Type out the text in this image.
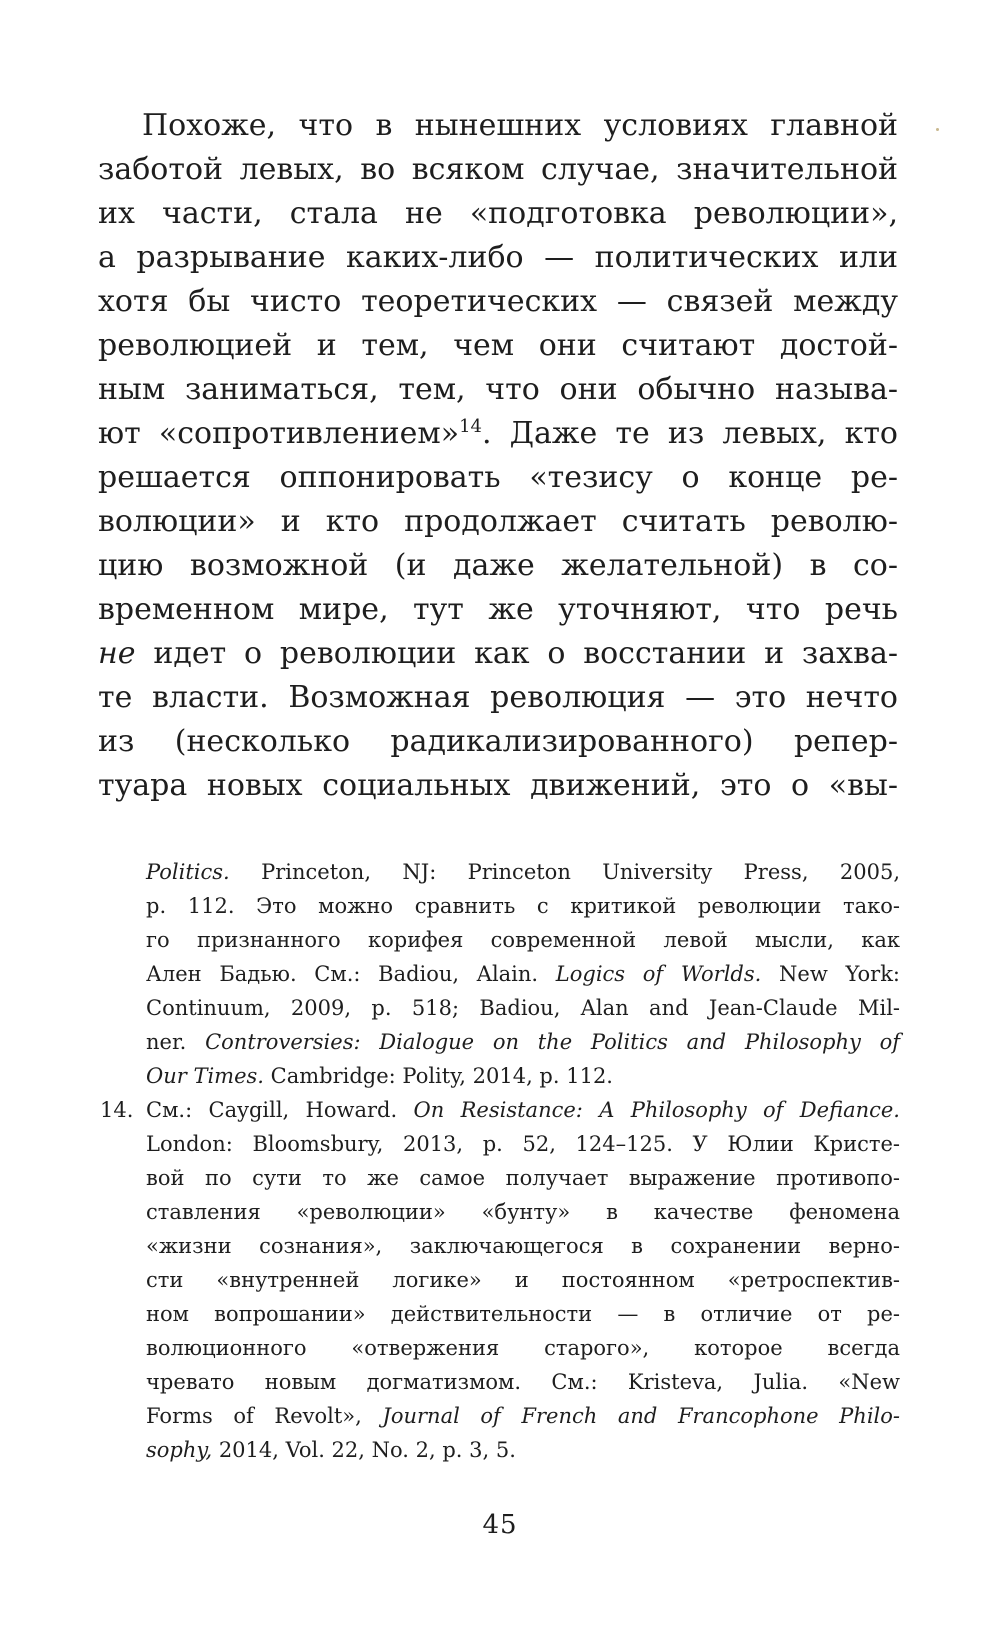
Похоже, что в нынешних условиях главной
заботой левых, во всяком случае, значительной
их части, стала не «подготовка революции»,
а разрывание каких-либо — политических или
хотя бы чисто теоретических — связей между
революцией и тем, чем они считают достой-
ным заниматься, тем, что они обычно называ-
ют «сопротивлением»$^{14}$. Даже те из левых, кто
решается оппонировать «тезису о конце ре-
волюции» и кто продолжает считать револю-
цию возможной (и даже желательной) в со-
временном мире, тут же уточняют, что речь
не идет о революции как о восстании и захва-
те власти. Возможная революция — это нечто
из (несколько радикализированного) репер-
туара новых социальных движений, это о «вы-
Politics. Princeton, NJ: Princeton University Press, 2005,
p. 112. Это можно сравнить с критикой революции тако-
го признанного корифея современной левой мысли, как
Ален Бадью. См.: Badiou, Alain. Logics of Worlds. New York:
Continuum, 2009, p. 518; Badiou, Alan and Jean-Claude Mil-
ner. Controversies: Dialogue on the Politics and Philosophy of
Our Times. Cambridge: Polity, 2014, p. 112.
14. См.: Caygill, Howard. On Resistance: A Philosophy of Defiance.
London: Bloomsbury, 2013, p. 52, 124–125. У Юлии Кристе-
вой по сути то же самое получает выражение противопо-
ставления «революции» «бунту» в качестве феномена
«жизни сознания», заключающегося в сохранении верно-
сти «внутренней логике» и постоянном «ретроспектив-
ном вопрошании» действительности — в отличие от ре-
волюционного «отвержения старого», которое всегда
чревато новым догматизмом. См.: Kristeva, Julia. «New
Forms of Revolt», Journal of French and Francophone Philo-
sophy, 2014, Vol. 22, No. 2, p. 3, 5.
45
